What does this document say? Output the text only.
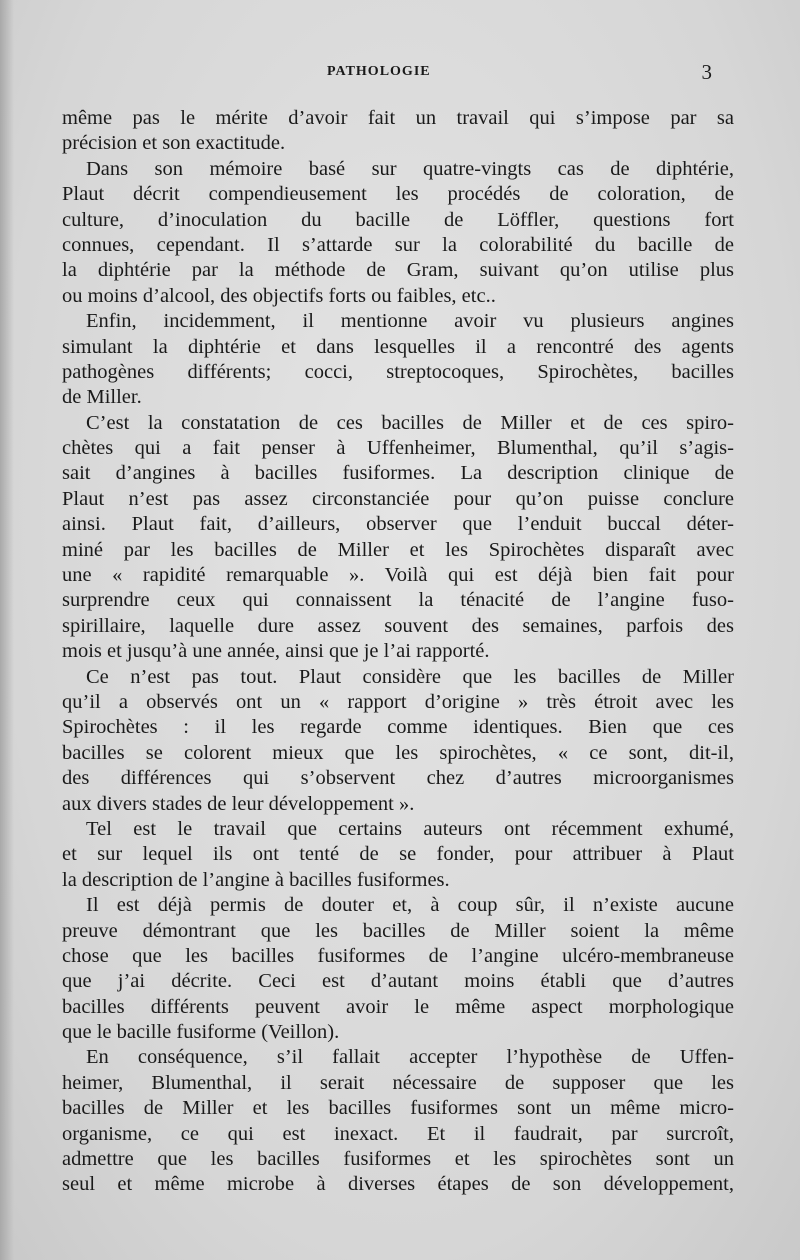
PATHOLOGIE	3
même pas le mérite d’avoir fait un travail qui s’impose par sa
précision et son exactitude.
Dans son mémoire basé sur quatre-vingts cas de diphtérie,
Plaut décrit compendieusement les procédés de coloration, de
culture, d’inoculation du bacille de Löffler, questions fort
connues, cependant. Il s’attarde sur la colorabilité du bacille de
la diphtérie par la méthode de Gram, suivant qu’on utilise plus
ou moins d’alcool, des objectifs forts ou faibles, etc..
Enfin, incidemment, il mentionne avoir vu plusieurs angines
simulant la diphtérie et dans lesquelles il a rencontré des agents
pathogènes différents; cocci, streptocoques, Spirochètes, bacilles
de Miller.
C’est la constatation de ces bacilles de Miller et de ces spiro-
chètes qui a fait penser à Uffenheimer, Blumenthal, qu’il s’agis-
sait d’angines à bacilles fusiformes. La description clinique de
Plaut n’est pas assez circonstanciée pour qu’on puisse conclure
ainsi. Plaut fait, d’ailleurs, observer que l’enduit buccal déter-
miné par les bacilles de Miller et les Spirochètes disparaît avec
une « rapidité remarquable ». Voilà qui est déjà bien fait pour
surprendre ceux qui connaissent la ténacité de l’angine fuso-
spirillaire, laquelle dure assez souvent des semaines, parfois des
mois et jusqu’à une année, ainsi que je l’ai rapporté.
Ce n’est pas tout. Plaut considère que les bacilles de Miller
qu’il a observés ont un « rapport d’origine » très étroit avec les
Spirochètes : il les regarde comme identiques. Bien que ces
bacilles se colorent mieux que les spirochètes, « ce sont, dit-il,
des différences qui s’observent chez d’autres microorganismes
aux divers stades de leur développement ».
Tel est le travail que certains auteurs ont récemment exhumé,
et sur lequel ils ont tenté de se fonder, pour attribuer à Plaut
la description de l’angine à bacilles fusiformes.
Il est déjà permis de douter et, à coup sûr, il n’existe aucune
preuve démontrant que les bacilles de Miller soient la même
chose que les bacilles fusiformes de l’angine ulcéro-membraneuse
que j’ai décrite. Ceci est d’autant moins établi que d’autres
bacilles différents peuvent avoir le même aspect morphologique
que le bacille fusiforme (Veillon).
En conséquence, s’il fallait accepter l’hypothèse de Uffen-
heimer, Blumenthal, il serait nécessaire de supposer que les
bacilles de Miller et les bacilles fusiformes sont un même micro-
organisme, ce qui est inexact. Et il faudrait, par surcroît,
admettre que les bacilles fusiformes et les spirochètes sont un
seul et même microbe à diverses étapes de son développement,
